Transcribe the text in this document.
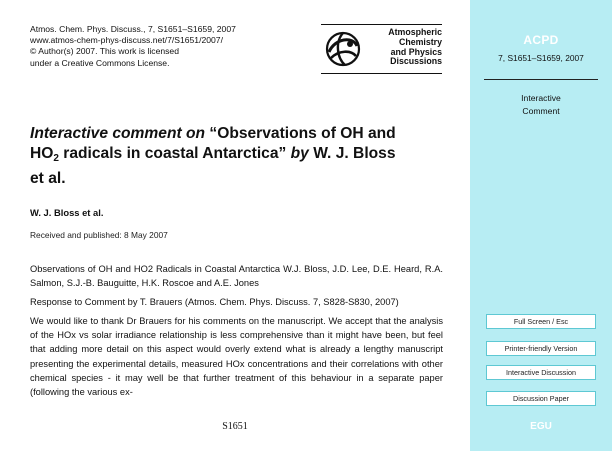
Atmos. Chem. Phys. Discuss., 7, S1651–S1659, 2007
www.atmos-chem-phys-discuss.net/7/S1651/2007/
© Author(s) 2007. This work is licensed
under a Creative Commons License.
Atmospheric
Chemistry
and Physics
Discussions
Interactive comment on “Observations of OH and
$HO_2$ radicals in coastal Antarctica” by W. J. Bloss
et al.
W. J. Bloss et al.
Received and published: 8 May 2007

Observations of OH and HO2 Radicals in Coastal Antarctica W.J. Bloss, J.D. Lee, D.E. Heard, R.A. Salmon, S.J.-B. Bauguitte, H.K. Roscoe and A.E. Jones

Response to Comment by T. Brauers (Atmos. Chem. Phys. Discuss. 7, S828-S830, 2007)

We would like to thank Dr Brauers for his comments on the manuscript. We accept that the analysis of the HOx vs solar irradiance relationship is less comprehensive than it might have been, but feel that adding more detail on this aspect would overly extend what is already a lengthy manuscript presenting the experimental details, measured HOx concentrations and their correlations with other chemical species - it may well be that further treatment of this behaviour in a separate paper (following the various ex-

S1651
ACPD
7, S1651–S1659, 2007
Interactive
Comment
Full Screen / Esc
Printer-friendly Version
Interactive Discussion
Discussion Paper
EGU
